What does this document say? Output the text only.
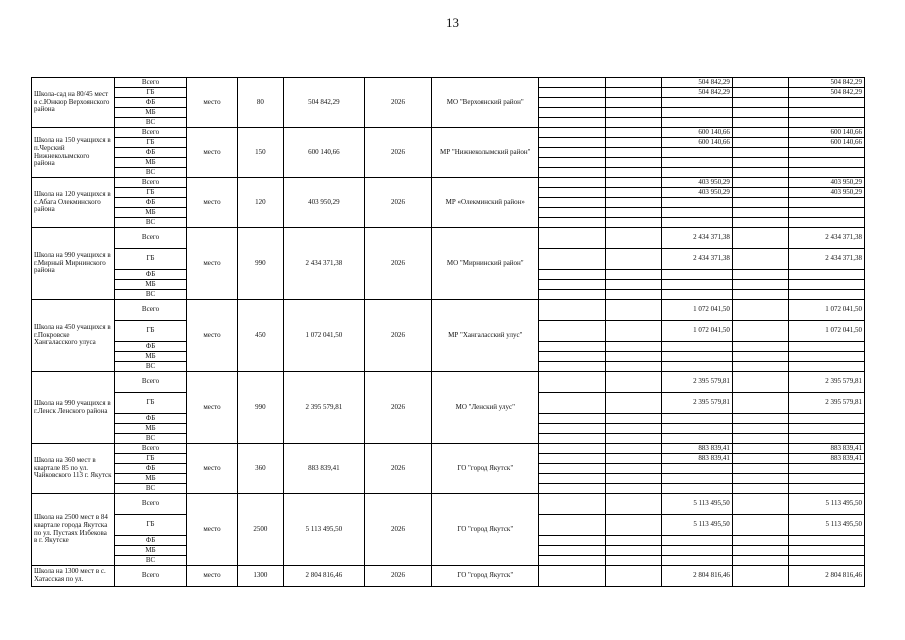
13
Школа-сад на 80/45 мест в с.Юнкюр Верхоянского района	Всего	место	80	504 842,29	2026	МО "Верхоянский район"			504 842,29		504 842,29
	ГБ								504 842,29		504 842,29
	ФБ										
	МБ										
	ВС										
Школа на 150 учащихся в п.Черский Нижнеколымского района	Всего	место	150	600 140,66	2026	МР "Нижнеколымский район"			600 140,66		600 140,66
	ГБ								600 140,66		600 140,66
	ФБ										
	МБ										
	ВС										
Школа на 120 учащихся в с.Абага Олекминского района	Всего	место	120	403 950,29	2026	МР «Олекминский район»			403 950,29		403 950,29
	ГБ								403 950,29		403 950,29
	ФБ										
	МБ										
	ВС										
Школа на 990 учащихся в г.Мирный Мирнинского района	Всего	место	990	2 434 371,38	2026	МО "Мирнинский район"			2 434 371,38		2 434 371,38
	ГБ								2 434 371,38		2 434 371,38
	ФБ										
	МБ										
	ВС										
Школа на 450 учащихся в г.Покровске Хангаласского улуса	Всего	место	450	1 072 041,50	2026	МР "Хангаласский улус"			1 072 041,50		1 072 041,50
	ГБ								1 072 041,50		1 072 041,50
	ФБ										
	МБ										
	ВС										
Школа на 990 учащихся в г.Ленск Ленского района	Всего	место	990	2 395 579,81	2026	МО "Ленский улус"			2 395 579,81		2 395 579,81
	ГБ								2 395 579,81		2 395 579,81
	ФБ										
	МБ										
	ВС										
Школа на 360 мест в квартале 85 по ул. Чайковского 113 г. Якутск	Всего	место	360	883 839,41	2026	ГО "город Якутск"			883 839,41		883 839,41
	ГБ								883 839,41		883 839,41
	ФБ										
	МБ										
	ВС										
Школа на 2500 мест в 84 квартале города Якутска по ул. Пустаях Избекова в г. Якутске	Всего	место	2500	5 113 495,50	2026	ГО "город Якутск"			5 113 495,50		5 113 495,50
	ГБ								5 113 495,50		5 113 495,50
	ФБ										
	МБ										
	ВС										
Школа на 1300 мест в с. Хатасская по ул.	Всего	место	1300	2 804 816,46	2026	ГО "город Якутск"			2 804 816,46		2 804 816,46
